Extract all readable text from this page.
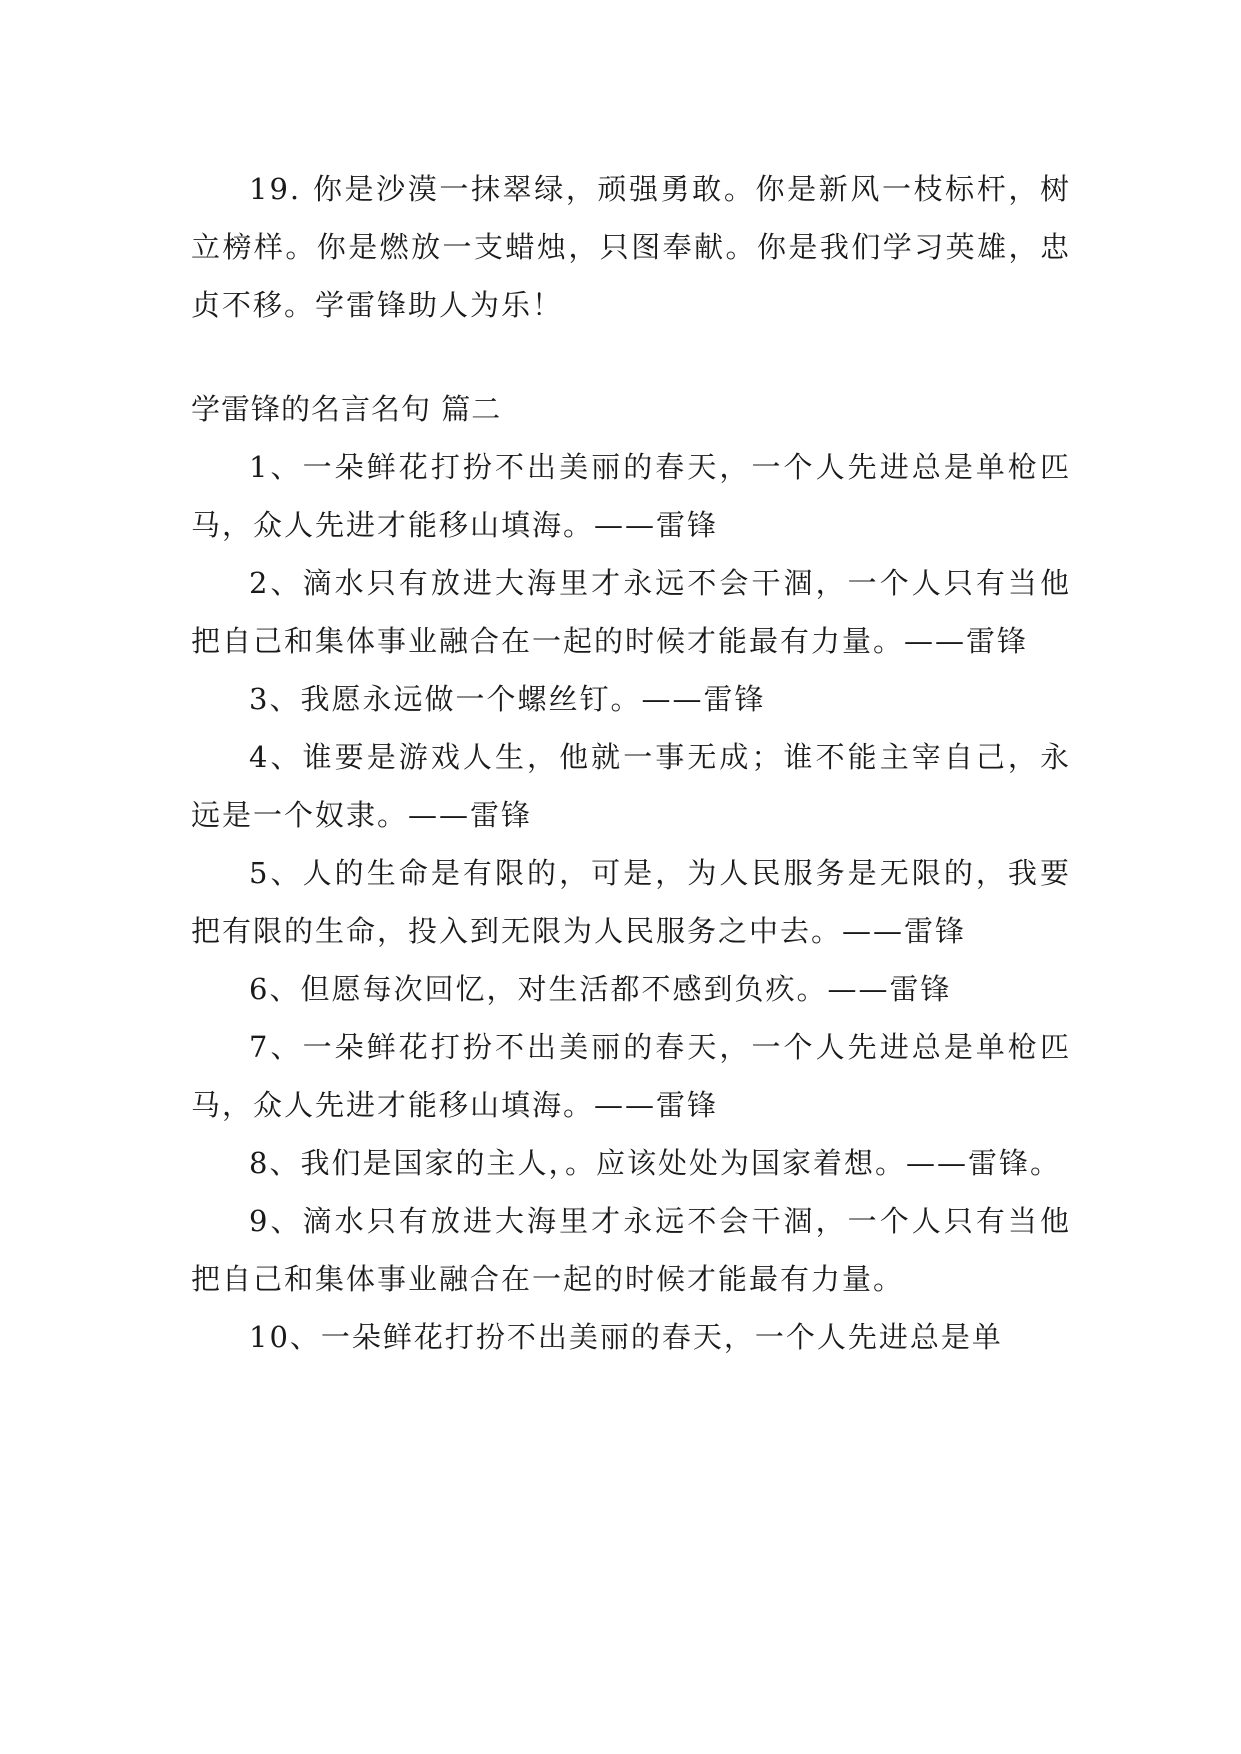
19. 你是沙漠一抹翠绿，顽强勇敢。你是新风一枝标杆，树立榜样。你是燃放一支蜡烛，只图奉献。你是我们学习英雄，忠贞不移。学雷锋助人为乐！

学雷锋的名言名句 篇二

1、一朵鲜花打扮不出美丽的春天，一个人先进总是单枪匹马，众人先进才能移山填海。——雷锋

2、滴水只有放进大海里才永远不会干涸，一个人只有当他把自己和集体事业融合在一起的时候才能最有力量。——雷锋

3、我愿永远做一个螺丝钉。——雷锋

4、谁要是游戏人生，他就一事无成；谁不能主宰自己，永远是一个奴隶。——雷锋

5、人的生命是有限的，可是，为人民服务是无限的，我要把有限的生命，投入到无限为人民服务之中去。——雷锋

6、但愿每次回忆，对生活都不感到负疚。——雷锋

7、一朵鲜花打扮不出美丽的春天，一个人先进总是单枪匹马，众人先进才能移山填海。——雷锋

8、我们是国家的主人，。应该处处为国家着想。——雷锋。

9、滴水只有放进大海里才永远不会干涸，一个人只有当他把自己和集体事业融合在一起的时候才能最有力量。

10、一朵鲜花打扮不出美丽的春天，一个人先进总是单
